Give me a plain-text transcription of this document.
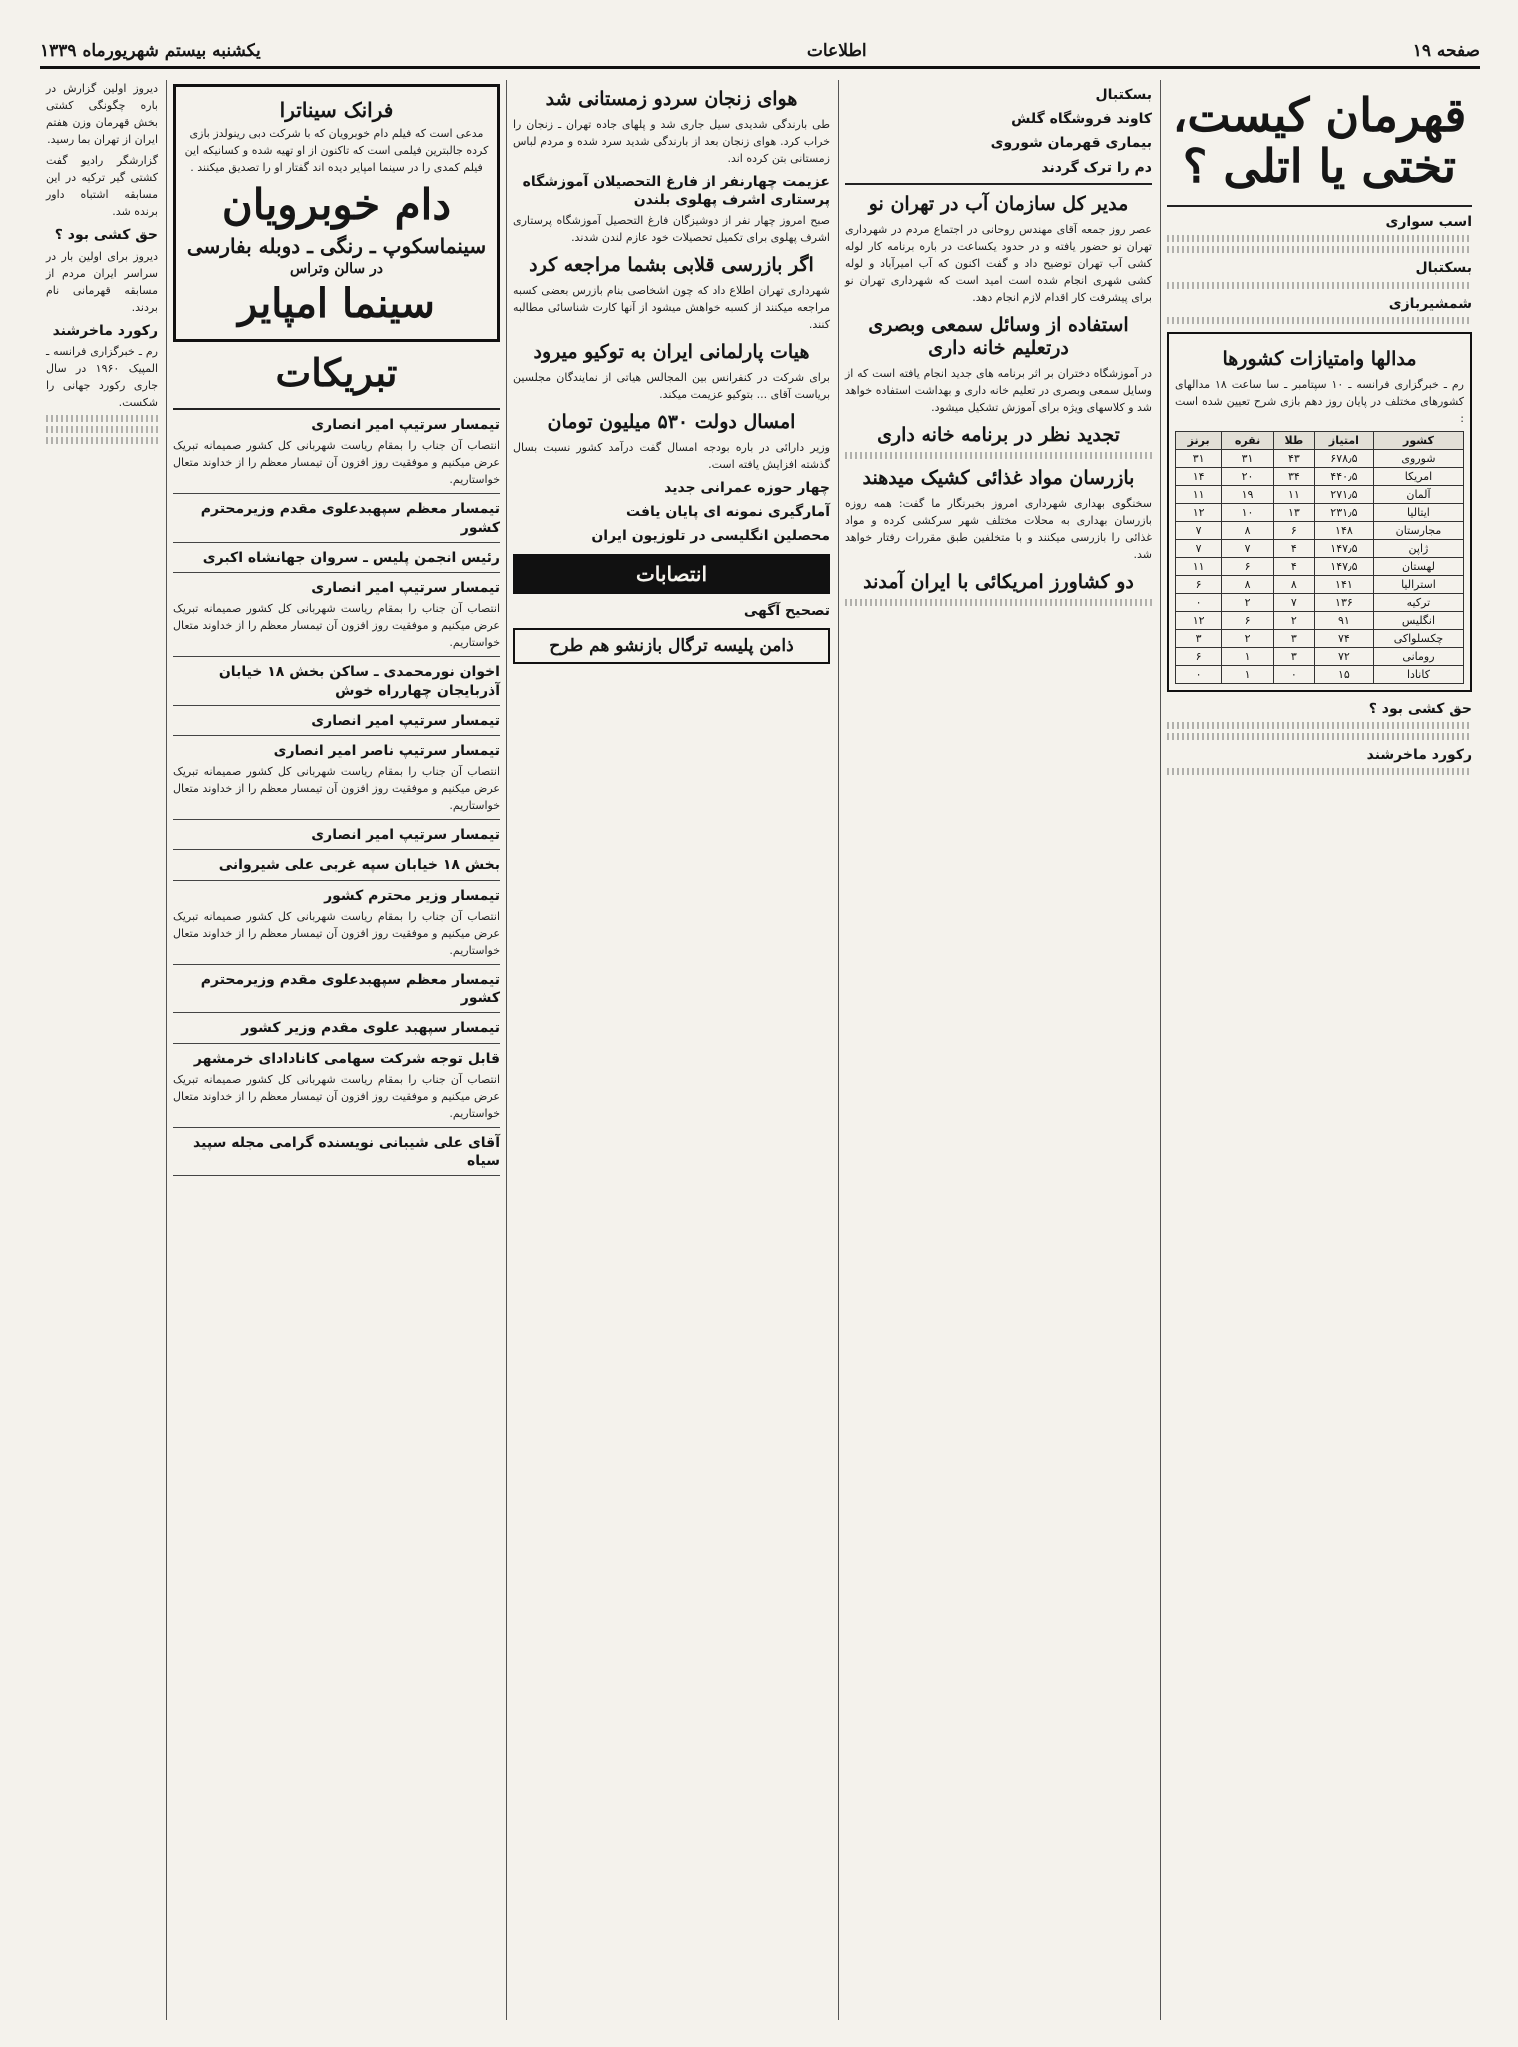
صفحه ۱۹
اطلاعات
یکشنبه بیستم شهریورماه ۱۳۳۹
قهرمان کیست، تختی یا اتلی ؟
اسب سواری
بسکتبال
شمشیربازی
مدالها وامتیازات کشورها

رم ـ خبرگزاری فرانسه ـ ۱۰ سپتامبر ـ سا ساعت ۱۸ مدالهای کشورهای مختلف در پایان روز دهم بازی شرح تعیین شده است :

کشور	امتیاز	طلا	نقره	برنز
شوروی	۶۷۸٫۵	۴۳	۳۱	۳۱
امریکا	۴۴۰٫۵	۳۴	۲۰	۱۴
آلمان	۲۷۱٫۵	۱۱	۱۹	۱۱
ایتالیا	۲۳۱٫۵	۱۳	۱۰	۱۲
مجارستان	۱۴۸	۶	۸	۷
ژاپن	۱۴۷٫۵	۴	۷	۷
لهستان	۱۴۷٫۵	۴	۶	۱۱
استرالیا	۱۴۱	۸	۸	۶
ترکیه	۱۳۶	۷	۲	۰
انگلیس	۹۱	۲	۶	۱۲
چکسلواکی	۷۴	۳	۲	۳
رومانی	۷۲	۳	۱	۶
کانادا	۱۵	۰	۱	۰
حق کشی بود ؟
رکورد ماخرشند
بسکتبال
کاوند فروشگاه گلش
بیماری قهرمان شوروی
دم را ترک گردند
مدیر کل سازمان آب در تهران نو

عصر روز جمعه آقای مهندس روحانی در اجتماع مردم در شهرداری تهران نو حضور یافته و در حدود یکساعت در باره برنامه کار لوله کشی آب تهران توضیح داد و گفت اکنون که آب امیرآباد و لوله کشی شهری انجام شده است امید است که شهرداری تهران نو برای پیشرفت کار اقدام لازم انجام دهد.

استفاده از وسائل سمعی وبصری درتعلیم خانه داری

در آموزشگاه دختران بر اثر برنامه های جدید انجام یافته است که از وسایل سمعی وبصری در تعلیم خانه داری و بهداشت استفاده خواهد شد و کلاسهای ویژه برای آموزش تشکیل میشود.

تجدید نظر در برنامه خانه داری
بازرسان مواد غذائی کشیک میدهند

سخنگوی بهداری شهرداری امروز بخبرنگار ما گفت: همه روزه بازرسان بهداری به محلات مختلف شهر سرکشی کرده و مواد غذائی را بازرسی میکنند و با متخلفین طبق مقررات رفتار خواهد شد.

دو کشاورز امریکائی با ایران آمدند
هوای زنجان سردو زمستانی شد

طی بارندگی شدیدی سیل جاری شد و پلهای جاده تهران ـ زنجان را خراب کرد. هوای زنجان بعد از بارندگی شدید سرد شده و مردم لباس زمستانی بتن کرده اند.

عزیمت چهارنفر از فارغ التحصیلان آموزشگاه پرستاری اشرف پهلوی بلندن

صبح امروز چهار نفر از دوشیزگان فارغ التحصیل آموزشگاه پرستاری اشرف پهلوی برای تکمیل تحصیلات خود عازم لندن شدند.

اگر بازرسی قلابی بشما مراجعه کرد

شهرداری تهران اطلاع داد که چون اشخاصی بنام بازرس بعضی کسبه مراجعه میکنند از کسبه خواهش میشود از آنها کارت شناسائی مطالبه کنند.

هیات پارلمانی ایران به توکیو میرود

برای شرکت در کنفرانس بین المجالس هیاتی از نمایندگان مجلسین بریاست آقای ... بتوکیو عزیمت میکند.

امسال دولت ۵۳۰ میلیون تومان

وزیر دارائی در باره بودجه امسال گفت درآمد کشور نسبت بسال گذشته افزایش یافته است.

چهار حوزه عمرانی جدید
آمارگیری نمونه ای پایان یافت
محصلین انگلیسی در تلوزیون ایران
انتصابات
تصحیح آگهی
ذامن پلیسه ترگال بازنشو هم طرح
فرانک سیناترا

مدعی است که فیلم دام خوبرویان که با شرکت دبی رینولدز بازی کرده جالبترین فیلمی است که تاکنون از او تهیه شده و کسانیکه این فیلم کمدی را در سینما امپایر دیده اند گفتار او را تصدیق میکنند .

دام خوبرویان
سینماسکوپ ـ رنگی ـ دوبله بفارسی
در سالن وتراس
سینما امپایر
تبریکات
تیمسار سرتیپ امیر انصاری

انتصاب آن جناب را بمقام ریاست شهربانی کل کشور صمیمانه تبریک عرض میکنیم و موفقیت روز افزون آن تیمسار معظم را از خداوند متعال خواستاریم.

تیمسار معظم سپهبدعلوی مقدم وزیرمحترم کشور
رئیس انجمن پلیس ـ سروان جهانشاه اکبری
تیمسار سرتیپ امیر انصاری

انتصاب آن جناب را بمقام ریاست شهربانی کل کشور صمیمانه تبریک عرض میکنیم و موفقیت روز افزون آن تیمسار معظم را از خداوند متعال خواستاریم.

اخوان نورمحمدی ـ ساکن بخش ۱۸ خیابان آذربایجان چهارراه خوش
تیمسار سرتیپ امیر انصاری
تیمسار سرتیپ ناصر امیر انصاری

انتصاب آن جناب را بمقام ریاست شهربانی کل کشور صمیمانه تبریک عرض میکنیم و موفقیت روز افزون آن تیمسار معظم را از خداوند متعال خواستاریم.

تیمسار سرتیپ امیر انصاری
بخش ۱۸ خیابان سپه غربی علی شیروانی
تیمسار وزیر محترم کشور

انتصاب آن جناب را بمقام ریاست شهربانی کل کشور صمیمانه تبریک عرض میکنیم و موفقیت روز افزون آن تیمسار معظم را از خداوند متعال خواستاریم.

تیمسار معظم سپهبدعلوی مقدم وزیرمحترم کشور
تیمسار سپهبد علوی مقدم وزیر کشور
قابل توجه شرکت سهامی کانادادای خرمشهر

انتصاب آن جناب را بمقام ریاست شهربانی کل کشور صمیمانه تبریک عرض میکنیم و موفقیت روز افزون آن تیمسار معظم را از خداوند متعال خواستاریم.

آقای علی شیبانی نویسنده گرامی مجله سپید سیاه

دیروز اولین گزارش در باره چگونگی کشتی بخش قهرمان وزن هفتم ایران از تهران بما رسید.

گزارشگر رادیو گفت کشتی گیر ترکیه در این مسابقه اشتباه داور برنده شد.

حق کشی بود ؟

دیروز برای اولین بار در سراسر ایران مردم از مسابقه قهرمانی نام بردند.

رکورد ماخرشند

رم ـ خبرگزاری فرانسه ـ المپیک ۱۹۶۰ در سال جاری رکورد جهانی را شکست.
